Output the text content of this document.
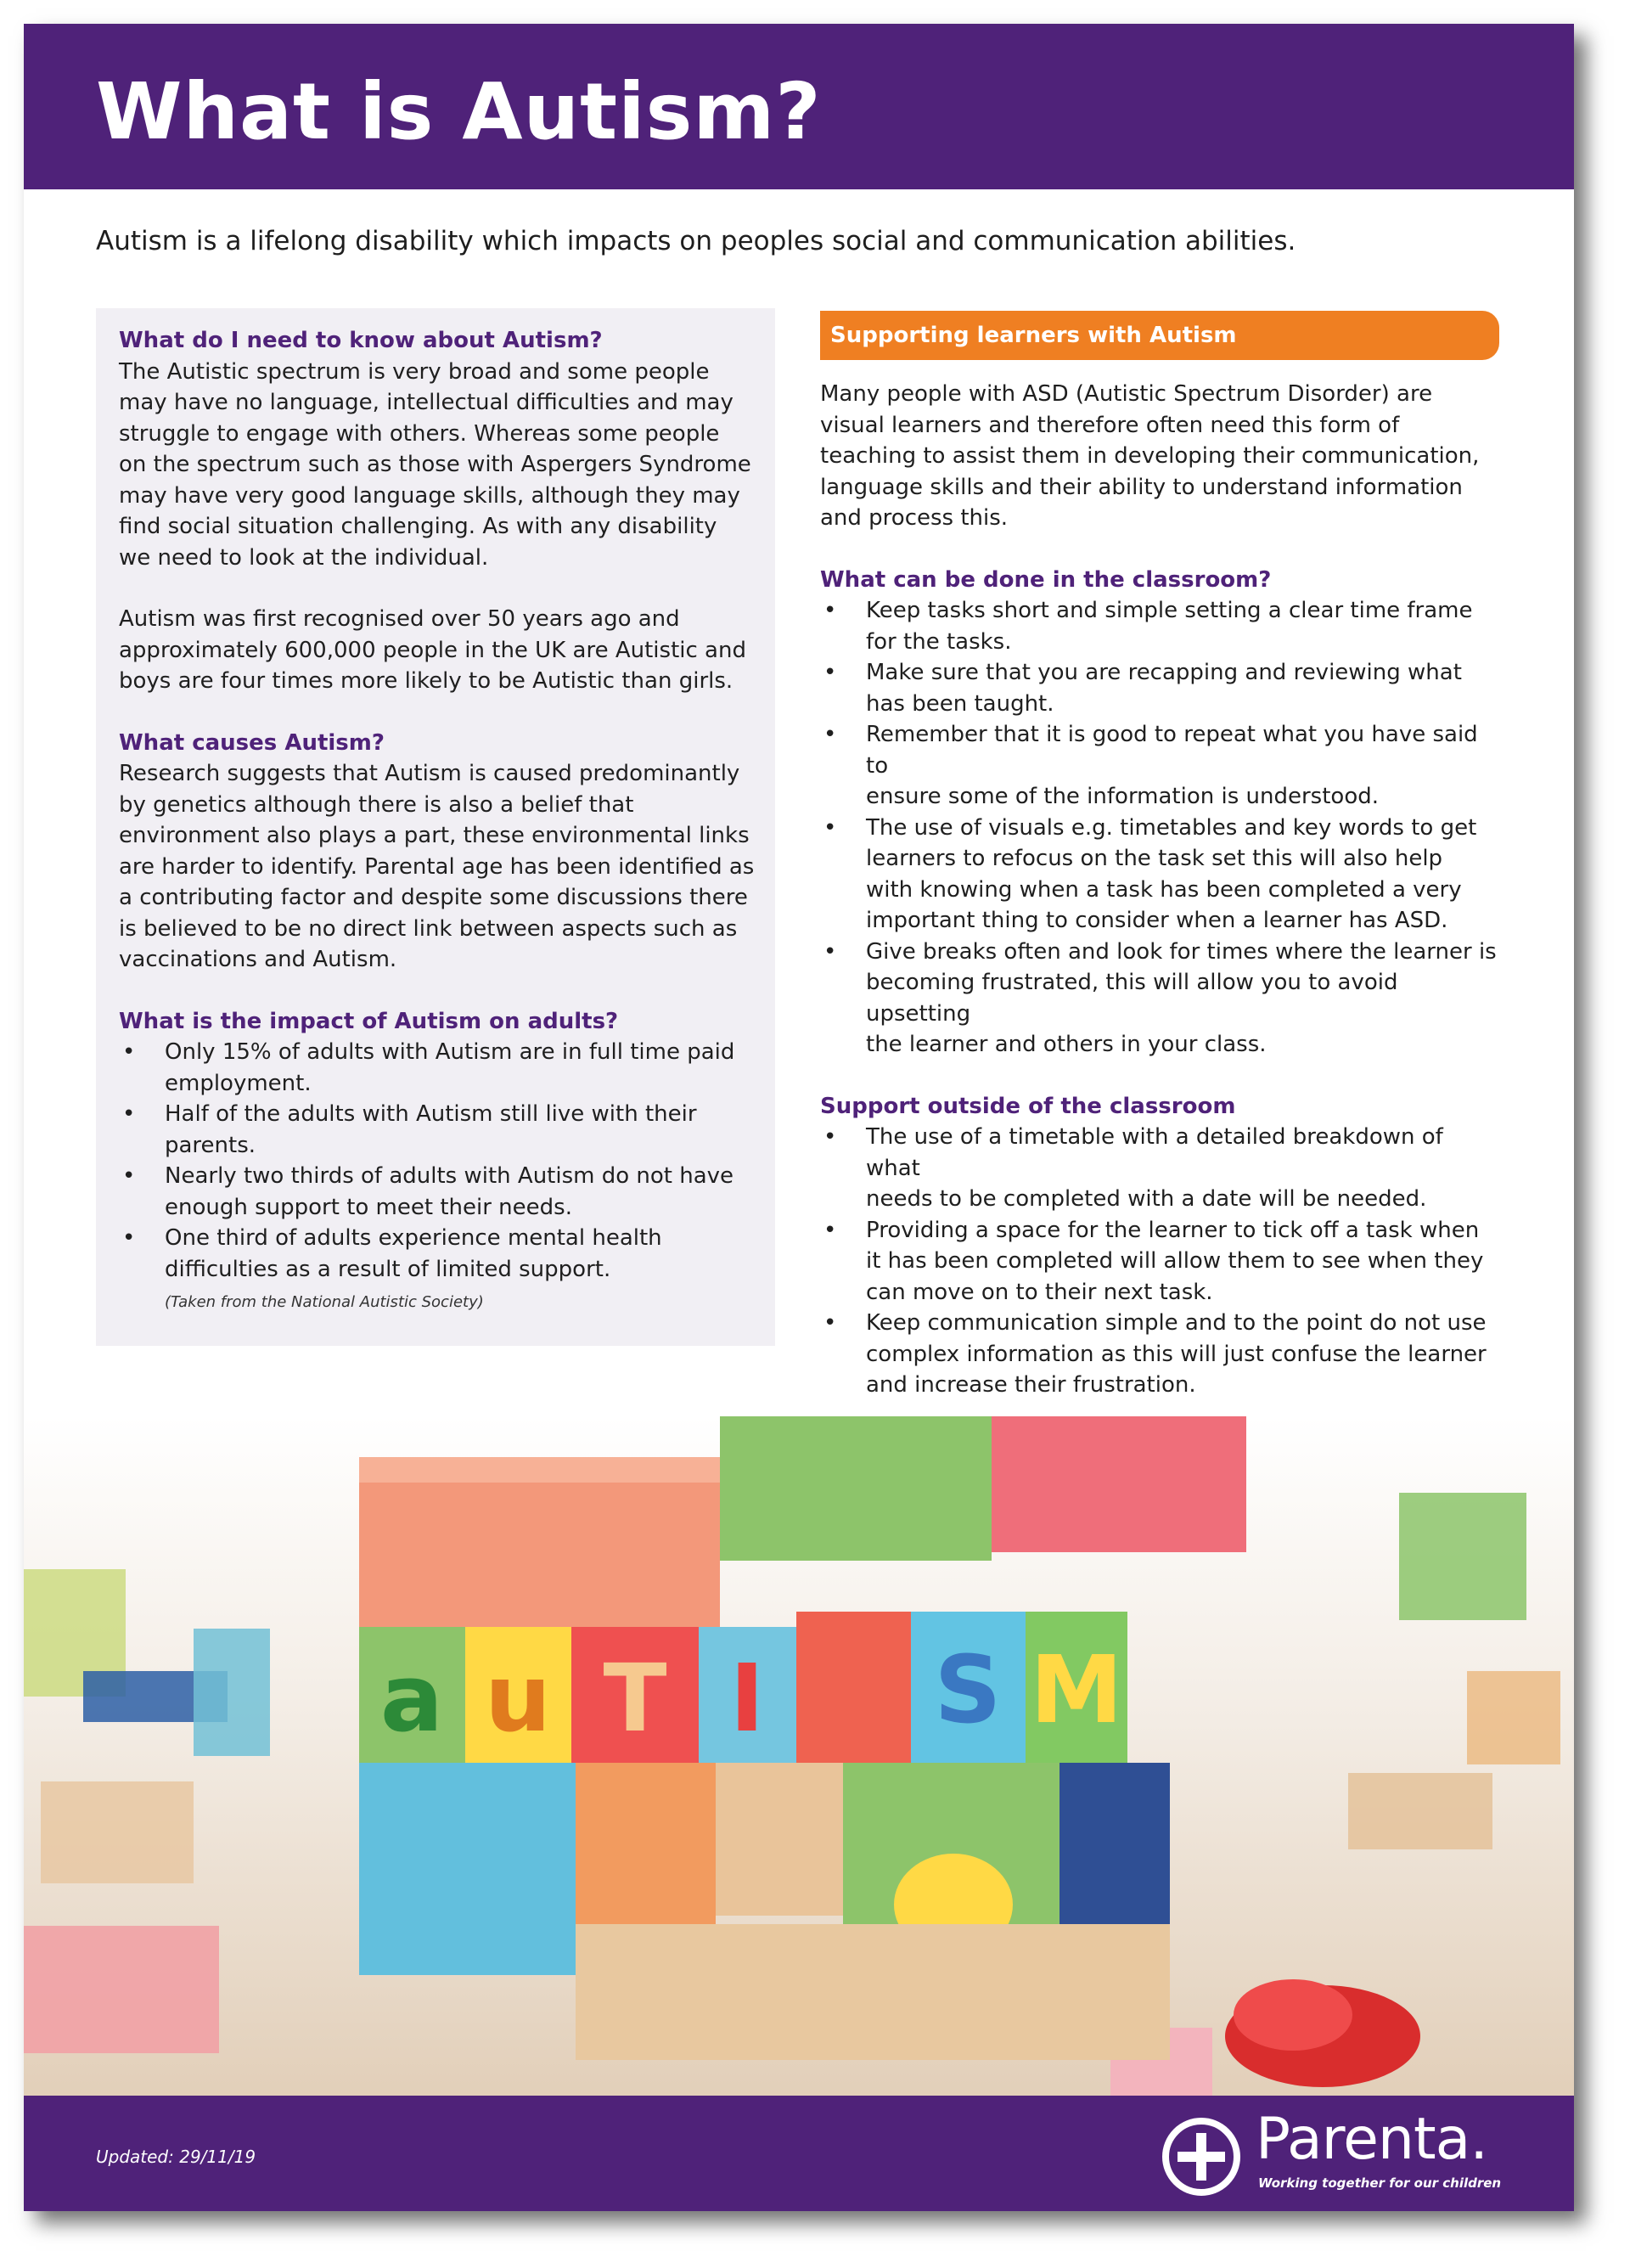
What is Autism?

Autism is a lifelong disability which impacts on peoples social and communication abilities.

What do I need to know about Autism?

The Autistic spectrum is very broad and some people
may have no language, intellectual difficulties and may
struggle to engage with others. Whereas some people
on the spectrum such as those with Aspergers Syndrome
may have very good language skills, although they may
find social situation challenging. As with any disability
we need to look at the individual.
Autism was first recognised over 50 years ago and
approximately 600,000 people in the UK are Autistic and
boys are four times more likely to be Autistic than girls.

What causes Autism?

Research suggests that Autism is caused predominantly
by genetics although there is also a belief that
environment also plays a part, these environmental links
are harder to identify. Parental age has been identified as
a contributing factor and despite some discussions there
is believed to be no direct link between aspects such as
vaccinations and Autism.

What is the impact of Autism on adults?

• Only 15% of adults with Autism are in full time paid
employment.
• Half of the adults with Autism still live with their
parents.
• Nearly two thirds of adults with Autism do not have
enough support to meet their needs.
• One third of adults experience mental health
difficulties as a result of limited support.

(Taken from the National Autistic Society)

Supporting learners with Autism
Many people with ASD (Autistic Spectrum Disorder) are
visual learners and therefore often need this form of
teaching to assist them in developing their communication,
language skills and their ability to understand information
and process this.

What can be done in the classroom?

• Keep tasks short and simple setting a clear time frame
for the tasks.
• Make sure that you are recapping and reviewing what
has been taught.
• Remember that it is good to repeat what you have said to
ensure some of the information is understood.
• The use of visuals e.g. timetables and key words to get
learners to refocus on the task set this will also help
with knowing when a task has been completed a very
important thing to consider when a learner has ASD.
• Give breaks often and look for times where the learner is
becoming frustrated, this will allow you to avoid upsetting
the learner and others in your class.

Support outside of the classroom

• The use of a timetable with a detailed breakdown of what
needs to be completed with a date will be needed.
• Providing a space for the learner to tick off a task when
it has been completed will allow them to see when they
can move on to their next task.
• Keep communication simple and to the point do not use
complex information as this will just confuse the learner
and increase their frustration.
a u T I S M
Updated: 29/11/19	Parenta.
Working together for our children
